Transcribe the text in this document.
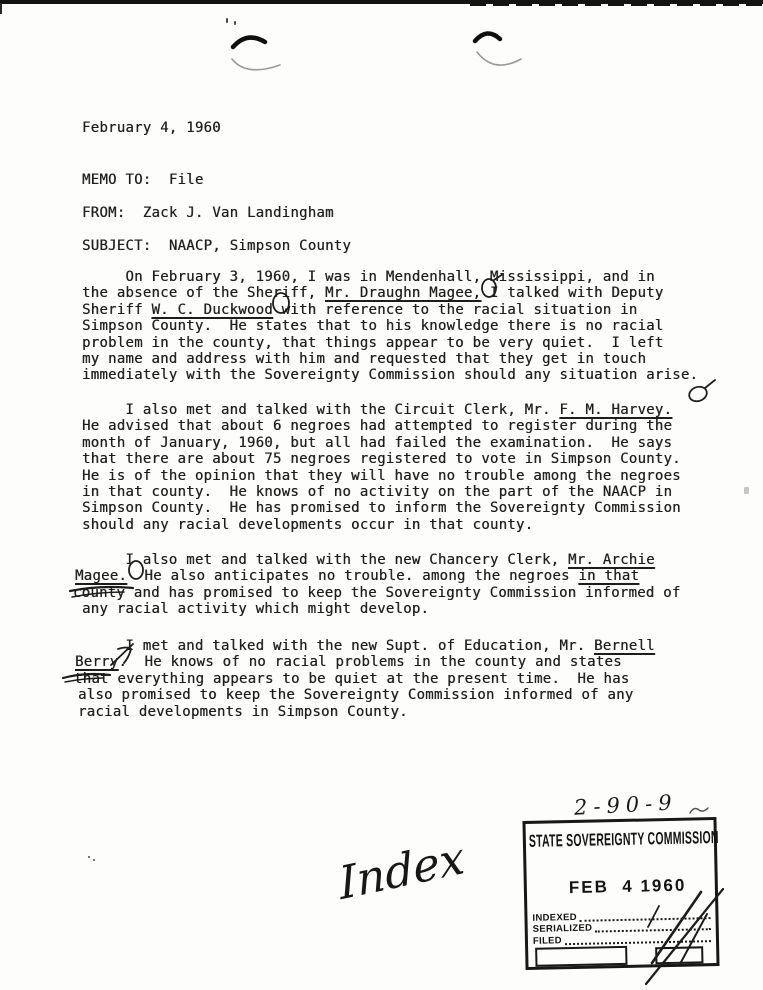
February 4, 1960
MEMO TO: File
FROM: Zack J. Van Landingham
SUBJECT: NAACP, Simpson County
On February 3, 1960, I was in Mendenhall, Mississippi, and in
the absence of the Sheriff, Mr. Draughn Magee, I talked with Deputy
Sheriff W. C. Duckwood with reference to the racial situation in
Simpson County.  He states that to his knowledge there is no racial
problem in the county, that things appear to be very quiet.  I left
my name and address with him and requested that they get in touch
immediately with the Sovereignty Commission should any situation arise.
I also met and talked with the Circuit Clerk, Mr. F. M. Harvey.
He advised that about 6 negroes had attempted to register during the
month of January, 1960, but all had failed the examination.  He says
that there are about 75 negroes registered to vote in Simpson County.
He is of the opinion that they will have no trouble among the negroes
in that county.  He knows of no activity on the part of the NAACP in
Simpson County.  He has promised to inform the Sovereignty Commission
should any racial developments occur in that county.
I also met and talked with the new Chancery Clerk, Mr. Archie
Magee.  He also anticipates no trouble. among the negroes in that
county and has promised to keep the Sovereignty Commission informed of
any racial activity which might develop.
I met and talked with the new Supt. of Education, Mr. Bernell
Berry.  He knows of no racial problems in the county and states
that everything appears to be quiet at the present time.  He has
also promised to keep the Sovereignty Commission informed of any
racial developments in Simpson County.
Index
2-90-9
STATE SOVEREIGNTY COMMISSION
FEB  4 1960
INDEXED
SERIALIZED
FILED
